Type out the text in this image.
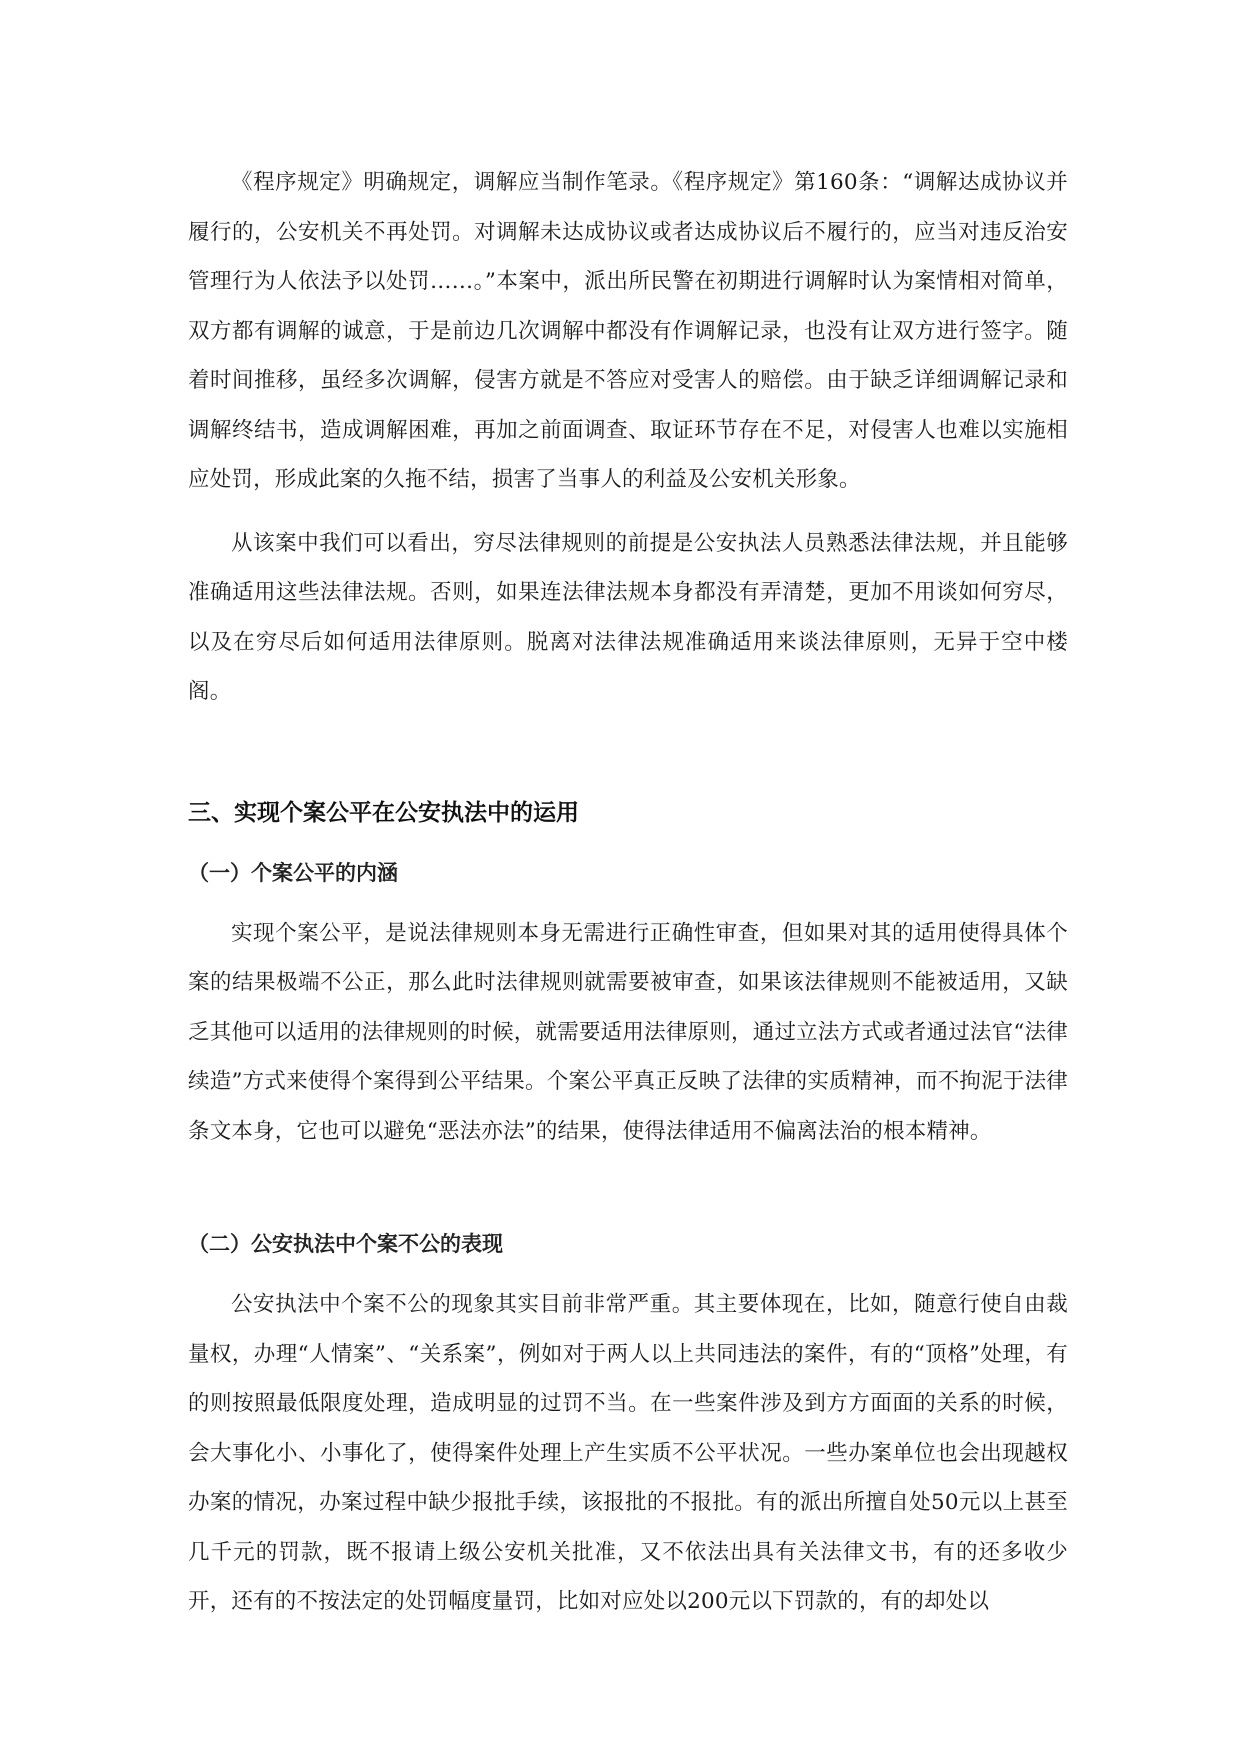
《程序规定》明确规定，调解应当制作笔录。《程序规定》第160条：“调解达成协议并履行的，公安机关不再处罚。对调解未达成协议或者达成协议后不履行的，应当对违反治安管理行为人依法予以处罚……。”本案中，派出所民警在初期进行调解时认为案情相对简单，双方都有调解的诚意，于是前边几次调解中都没有作调解记录，也没有让双方进行签字。随着时间推移，虽经多次调解，侵害方就是不答应对受害人的赔偿。由于缺乏详细调解记录和调解终结书，造成调解困难，再加之前面调查、取证环节存在不足，对侵害人也难以实施相应处罚，形成此案的久拖不结，损害了当事人的利益及公安机关形象。

从该案中我们可以看出，穷尽法律规则的前提是公安执法人员熟悉法律法规，并且能够准确适用这些法律法规。否则，如果连法律法规本身都没有弄清楚，更加不用谈如何穷尽，以及在穷尽后如何适用法律原则。脱离对法律法规准确适用来谈法律原则，无异于空中楼阁。

三、实现个案公平在公安执法中的运用
（一）个案公平的内涵

实现个案公平，是说法律规则本身无需进行正确性审查，但如果对其的适用使得具体个案的结果极端不公正，那么此时法律规则就需要被审查，如果该法律规则不能被适用，又缺乏其他可以适用的法律规则的时候，就需要适用法律原则，通过立法方式或者通过法官“法律续造”方式来使得个案得到公平结果。个案公平真正反映了法律的实质精神，而不拘泥于法律条文本身，它也可以避免“恶法亦法”的结果，使得法律适用不偏离法治的根本精神。

（二）公安执法中个案不公的表现

公安执法中个案不公的现象其实目前非常严重。其主要体现在，比如，随意行使自由裁量权，办理“人情案”、“关系案”，例如对于两人以上共同违法的案件，有的“顶格”处理，有的则按照最低限度处理，造成明显的过罚不当。在一些案件涉及到方方面面的关系的时候，会大事化小、小事化了，使得案件处理上产生实质不公平状况。一些办案单位也会出现越权办案的情况，办案过程中缺少报批手续，该报批的不报批。有的派出所擅自处50元以上甚至几千元的罚款，既不报请上级公安机关批准，又不依法出具有关法律文书，有的还多收少开，还有的不按法定的处罚幅度量罚，比如对应处以200元以下罚款的，有的却处以
